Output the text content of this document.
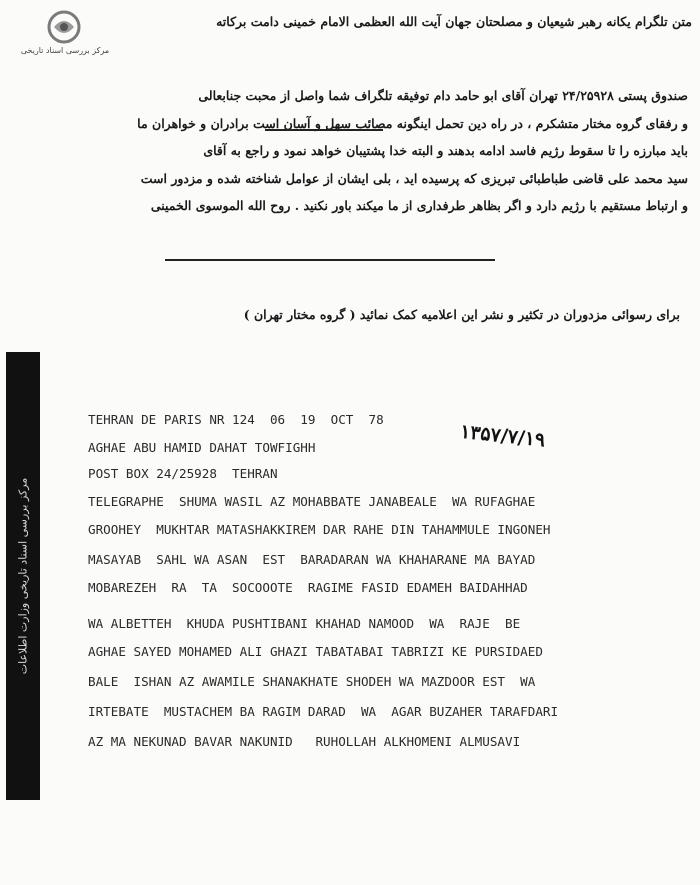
مرکز بررسی اسناد تاریخی
متن تلگرام یکانه رهبر شیعیان و مصلحتان جهان آیت الله العظمی الامام خمینی دامت برکاته
صندوق پستی ۲۴/۲۵۹۲۸ تهران آقای ابو حامد دام توفیقه تلگراف شما واصل از محبت جنابعالی
و رفقای گروه مختار متشکرم ، در راه دین تحمل اینگونه مصائب سهل و آسان است برادران و خواهران ما
باید مبارزه را تا سقوط رژیم فاسد ادامه بدهند و البته خدا پشتیبان خواهد نمود و راجع به آقای
سید محمد علی قاضی طباطبائی تبریزی که پرسیده اید ، بلی ایشان از عوامل شناخته شده و مزدور است
و ارتباط مستقیم با رژیم دارد و اگر بظاهر طرفداری از ما میکند باور نکنید . روح الله الموسوی الخمینی
برای رسوائی مزدوران در تکثیر و نشر این اعلامیه کمک نمائید ( گروه مختار تهران )
مرکز بررسی اسناد تاریخی وزارت اطلاعات
۱۳۵۷/۷/۱۹
TEHRAN DE PARIS NR 124  06  19  OCT  78
AGHAE ABU HAMID DAHAT TOWFIGHH
POST BOX 24/25928  TEHRAN
TELEGRAPHE  SHUMA WASIL AZ MOHABBATE JANABEALE  WA RUFAGHAE
GROOHEY  MUKHTAR MATASHAKKIREM DAR RAHE DIN TAHAMMULE INGONEH
MASAYAB  SAHL WA ASAN  EST  BARADARAN WA KHAHARANE MA BAYAD
MOBAREZEH  RA  TA  SOCOOOTE  RAGIME FASID EDAMEH BAIDAHHAD
WA ALBETTEH  KHUDA PUSHTIBANI KHAHAD NAMOOD  WA  RAJE  BE
AGHAE SAYED MOHAMED ALI GHAZI TABATABAI TABRIZI KE PURSIDAED
BALE  ISHAN AZ AWAMILE SHANAKHATE SHODEH WA MAZDOOR EST  WA
IRTEBATE  MUSTACHEM BA RAGIM DARAD  WA  AGAR BUZAHER TARAFDARI
AZ MA NEKUNAD BAVAR NAKUNID   RUHOLLAH ALKHOMENI ALMUSAVI
